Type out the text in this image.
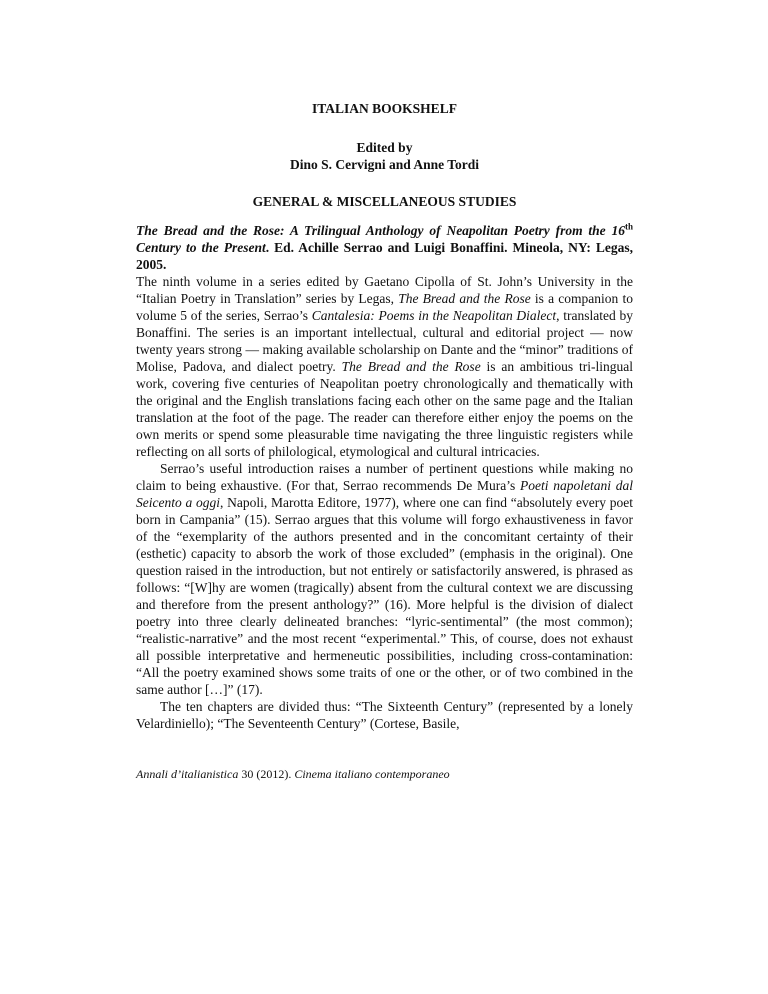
ITALIAN BOOKSHELF
Edited by
Dino S. Cervigni and Anne Tordi
GENERAL & MISCELLANEOUS STUDIES
The Bread and the Rose: A Trilingual Anthology of Neapolitan Poetry from the 16th Century to the Present. Ed. Achille Serrao and Luigi Bonaffini. Mineola, NY: Legas, 2005.

The ninth volume in a series edited by Gaetano Cipolla of St. John’s University in the “Italian Poetry in Translation” series by Legas, The Bread and the Rose is a companion to volume 5 of the series, Serrao’s Cantalesia: Poems in the Neapolitan Dialect, translated by Bonaffini. The series is an important intellectual, cultural and editorial project — now twenty years strong — making available scholarship on Dante and the “minor” traditions of Molise, Padova, and dialect poetry. The Bread and the Rose is an ambitious tri-lingual work, covering five centuries of Neapolitan poetry chronologically and thematically with the original and the English translations facing each other on the same page and the Italian translation at the foot of the page. The reader can therefore either enjoy the poems on the own merits or spend some pleasurable time navigating the three linguistic registers while reflecting on all sorts of philological, etymological and cultural intricacies.

Serrao’s useful introduction raises a number of pertinent questions while making no claim to being exhaustive. (For that, Serrao recommends De Mura’s Poeti napoletani dal Seicento a oggi, Napoli, Marotta Editore, 1977), where one can find “absolutely every poet born in Campania” (15). Serrao argues that this volume will forgo exhaustiveness in favor of the “exemplarity of the authors presented and in the concomitant certainty of their (esthetic) capacity to absorb the work of those excluded” (emphasis in the original). One question raised in the introduction, but not entirely or satisfactorily answered, is phrased as follows: “[W]hy are women (tragically) absent from the cultural context we are discussing and therefore from the present anthology?” (16). More helpful is the division of dialect poetry into three clearly delineated branches: “lyric-sentimental” (the most common); “realistic-narrative” and the most recent “experimental.” This, of course, does not exhaust all possible interpretative and hermeneutic possibilities, including cross-contamination: “All the poetry examined shows some traits of one or the other, or of two combined in the same author […]” (17).

The ten chapters are divided thus: “The Sixteenth Century” (represented by a lonely Velardiniello); “The Seventeenth Century” (Cortese, Basile,

Annali d’italianistica 30 (2012). Cinema italiano contemporaneo
